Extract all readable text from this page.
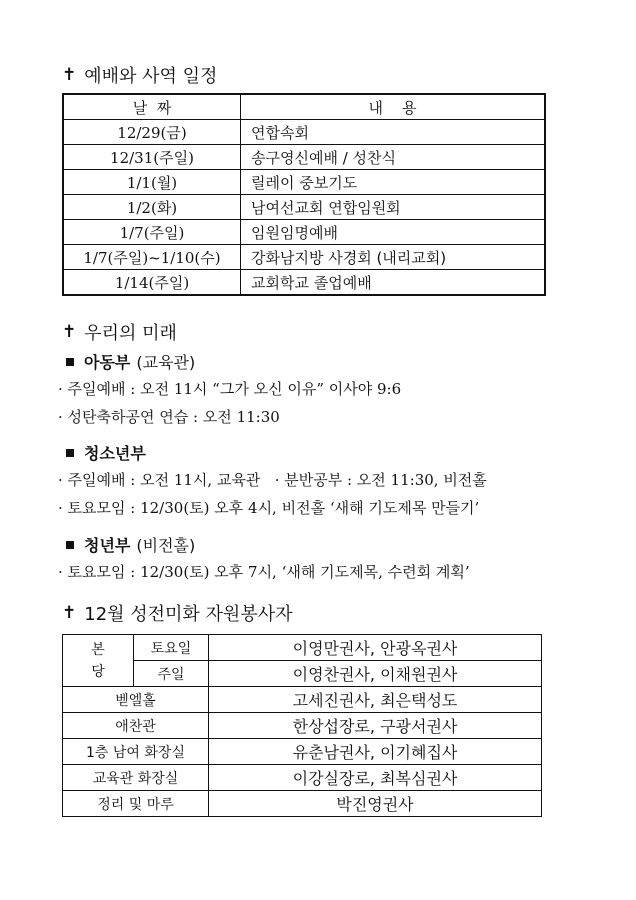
✝ 예배와 사역 일정
날  짜	내    용
12/29(금)	연합속회
12/31(주일)	송구영신예배 / 성찬식
1/1(월)	릴레이 중보기도
1/2(화)	남여선교회 연합임원회
1/7(주일)	임원임명예배
1/7(주일)~1/10(수)	강화남지방 사경회 (내리교회)
1/14(주일)	교회학교 졸업예배
✝ 우리의 미래
아동부 (교육관)
· 주일예배 : 오전 11시 “그가 오신 이유” 이사야 9:6
· 성탄축하공연 연습 : 오전 11:30
청소년부
· 주일예배 : 오전 11시, 교육관   · 분반공부 : 오전 11:30, 비전홀
· 토요모임 : 12/30(토) 오후 4시, 비전홀 ‘새해 기도제목 만들기’
청년부 (비전홀)
· 토요모임 : 12/30(토) 오후 7시, ‘새해 기도제목, 수련회 계획’
✝ 12월 성전미화 자원봉사자
본
당	토요일	이영만권사, 안광옥권사
	주일	이영찬권사, 이채원권사
벧엘홀		고세진권사, 최은택성도
애찬관		한상섭장로, 구광서권사
1층 남여 화장실		유춘남권사, 이기혜집사
교육관 화장실		이강실장로, 최복심권사
정리 및 마루		박진영권사
